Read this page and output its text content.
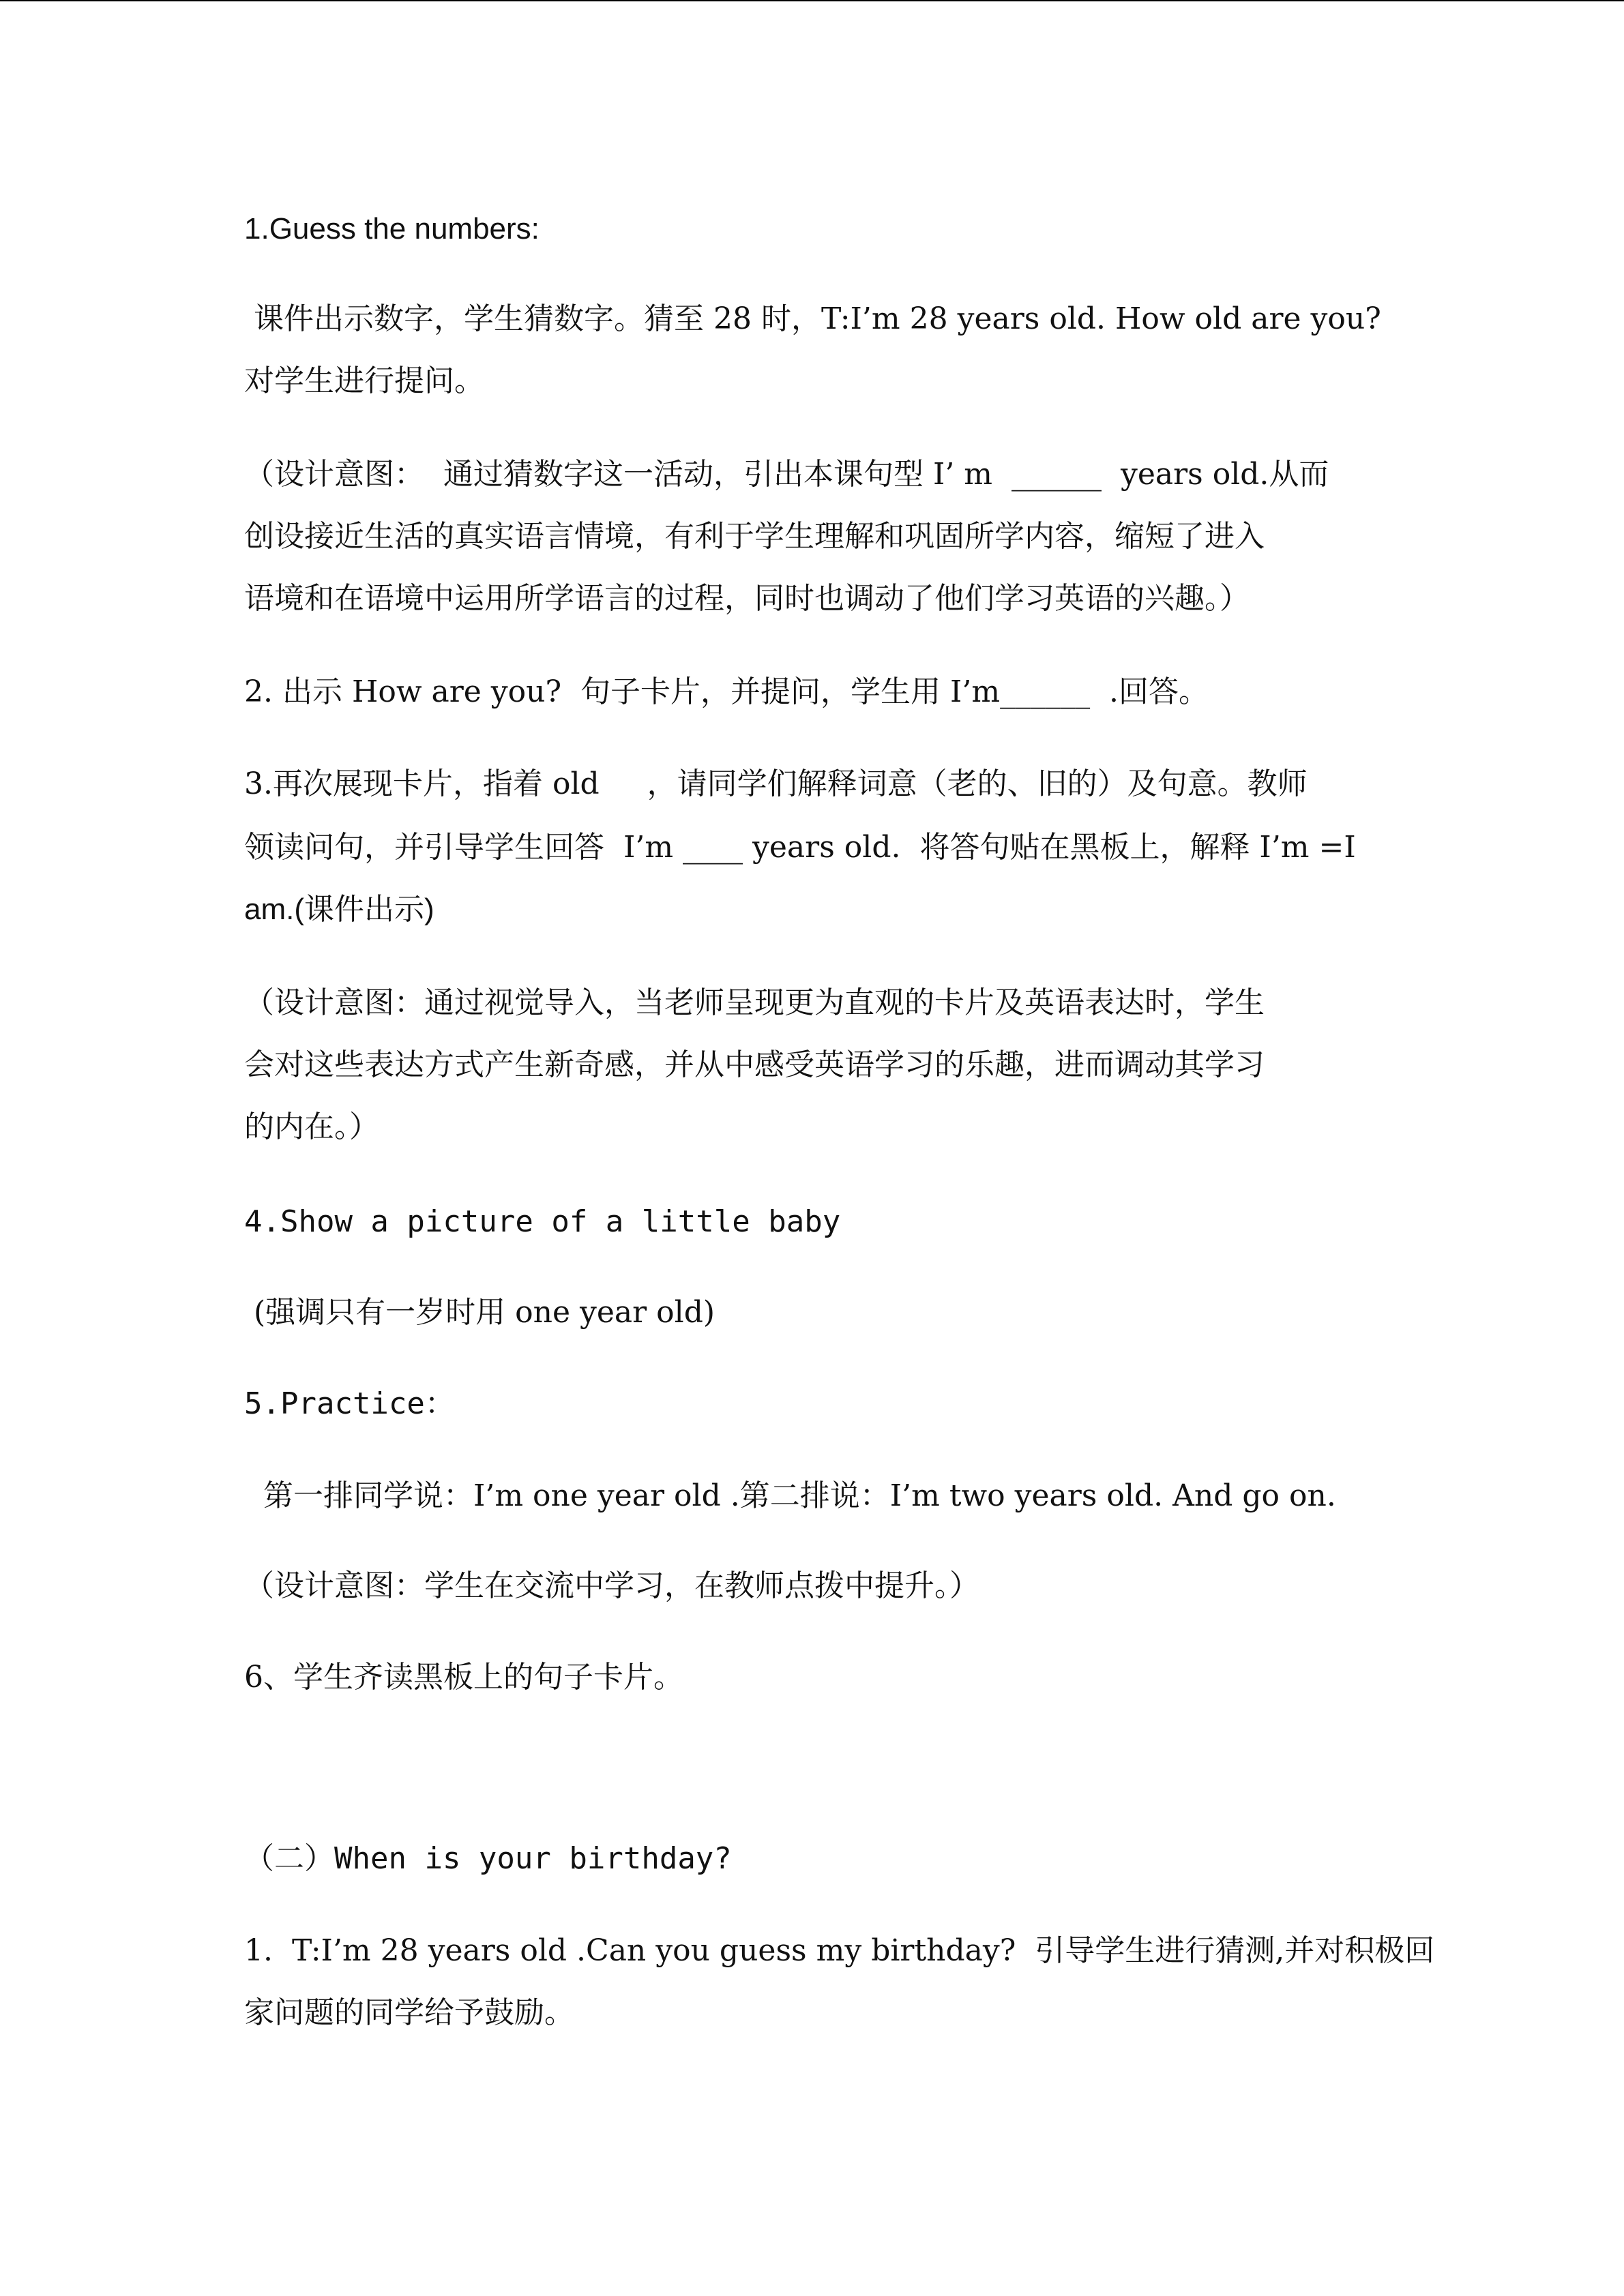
1.Guess the numbers:
课件出示数字，学生猜数字。猜至 28 时，T:I’m 28 years old. How old are you?
对学生进行提问。
（设计意图：  通过猜数字这一活动，引出本课句型 I’ m  ______  years old.从而
创设接近生活的真实语言情境，有利于学生理解和巩固所学内容，缩短了进入
语境和在语境中运用所学语言的过程，同时也调动了他们学习英语的兴趣。）
2. 出示 How are you?  句子卡片，并提问，学生用 I’m______  .回答。
3.再次展现卡片，指着 old     ，请同学们解释词意（老的、旧的）及句意。教师
领读问句，并引导学生回答  I’m ____ years old.  将答句贴在黑板上，解释 I’m =I
am.(课件出示)
（设计意图：通过视觉导入，当老师呈现更为直观的卡片及英语表达时，学生
会对这些表达方式产生新奇感，并从中感受英语学习的乐趣，进而调动其学习
的内在。）
4.Show a picture of a little baby
(强调只有一岁时用 one year old)
5.Practice：
第一排同学说：I’m one year old .第二排说：I’m two years old. And go on.
（设计意图：学生在交流中学习，在教师点拨中提升。）
6、学生齐读黑板上的句子卡片。
（二）When is your birthday?
1.  T:I’m 28 years old .Can you guess my birthday?  引导学生进行猜测,并对积极回
家问题的同学给予鼓励。
